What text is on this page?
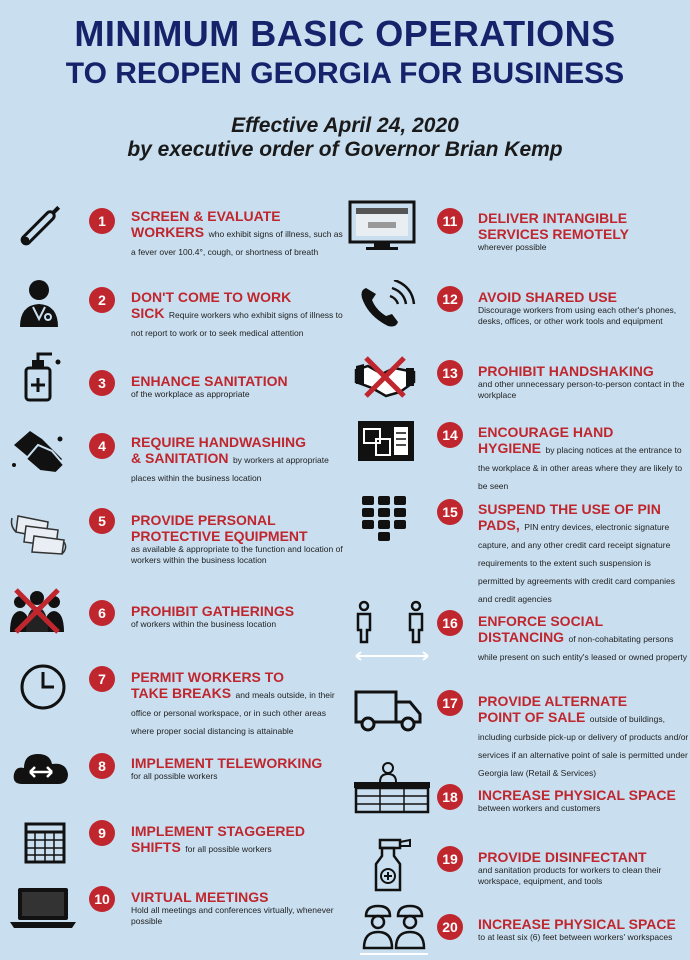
MINIMUM BASIC OPERATIONS
TO REOPEN GEORGIA FOR BUSINESS
Effective April 24, 2020
by executive order of Governor Brian Kemp
1	SCREEN & EVALUATE
WORKERS who exhibit signs of illness, such as a fever over 100.4°, cough, or shortness of breath
2	DON'T COME TO WORK
SICK Require workers who exhibit signs of illness to not report to work or to seek medical attention
3	ENHANCE SANITATION
of the workplace as appropriate
4	REQUIRE HANDWASHING
& SANITATION by workers at appropriate places within the business location
5	PROVIDE PERSONAL
PROTECTIVE EQUIPMENT
as available & appropriate to the function and location of workers within the business location
6	PROHIBIT GATHERINGS
of workers within the business location
7	PERMIT WORKERS TO
TAKE BREAKS and meals outside, in their office or personal workspace, or in such other areas where proper social distancing is attainable
8	IMPLEMENT TELEWORKING
for all possible workers
9	IMPLEMENT STAGGERED
SHIFTS for all possible workers
10	VIRTUAL MEETINGS
Hold all meetings and conferences virtually, whenever possible
11	DELIVER INTANGIBLE
SERVICES REMOTELY
wherever possible
12	AVOID SHARED USE
Discourage workers from using each other's phones, desks, offices, or other work tools and equipment
13	PROHIBIT HANDSHAKING
and other unnecessary person-to-person contact in the workplace
14	ENCOURAGE HAND
HYGIENE by placing notices at the entrance to the workplace & in other areas where they are likely to be seen
15	SUSPEND THE USE OF PIN
PADS, PIN entry devices, electronic signature capture, and any other credit card receipt signature requirements to the extent such suspension is permitted by agreements with credit card companies and credit agencies
16	ENFORCE SOCIAL
DISTANCING of non-cohabitating persons while present on such entity's leased or owned property
17	PROVIDE ALTERNATE
POINT OF SALE outside of buildings, including curbside pick-up or delivery of products and/or services if an alternative point of sale is permitted under Georgia law (Retail & Services)
18	INCREASE PHYSICAL SPACE
between workers and customers
19	PROVIDE DISINFECTANT
and sanitation products for workers to clean their workspace, equipment, and tools
20	INCREASE PHYSICAL SPACE
to at least six (6) feet between workers' workspaces
